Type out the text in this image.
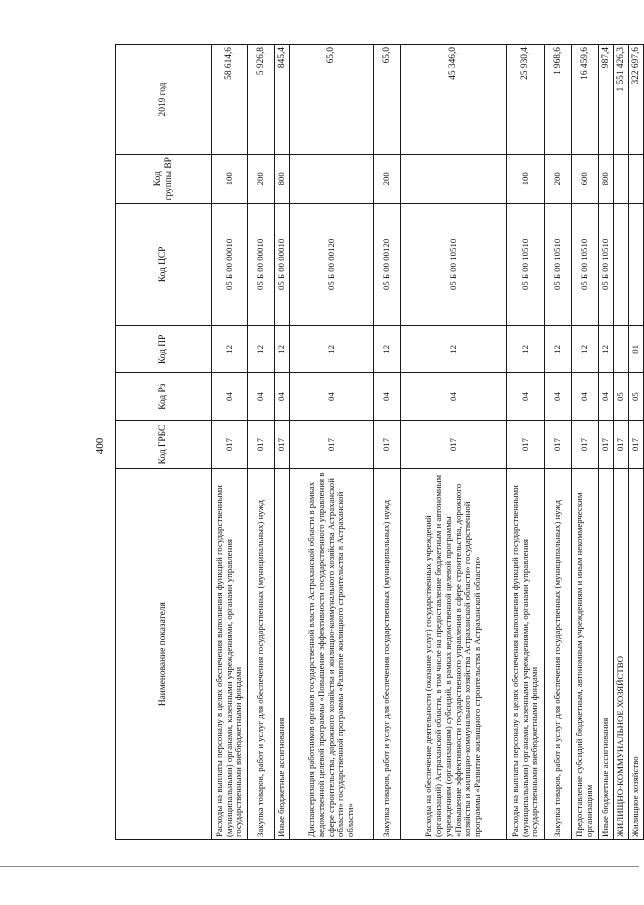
400
Наименование показателя	Код ГРБС	Код Рз	Код ПР	Код ЦСР	Код группы ВР	2019 год
Расходы на выплаты персоналу в целях обеспечения выполнения функций государственными (муниципальными) органами, казенными учреждениями, органами управления государственными внебюджетными фондами	017	04	12	05 Б 00 00010	100	58 614,6
Закупка товаров, работ и услуг для обеспечения государственных (муниципальных) нужд	017	04	12	05 Б 00 00010	200	5 926,8
Иные бюджетные ассигнования	017	04	12	05 Б 00 00010	800	845,4
Диспансеризация работников органов государственной власти Астраханской области в рамках ведомственной целевой программы «Повышение эффективности государственного управления в сфере строительства, дорожного хозяйства и жилищно-коммунального хозяйства Астраханской области» государственной программы «Развитие жилищного строительства в Астраханской области»	017	04	12	05 Б 00 00120		65,0
Закупка товаров, работ и услуг для обеспечения государственных (муниципальных) нужд	017	04	12	05 Б 00 00120	200	65,0
Расходы на обеспечение деятельности (оказание услуг) государственных учреждений (организаций) Астраханской области, в том числе на предоставление бюджетным и автономным учреждениям (организациям) субсидий, в рамках ведомственной целевой программы «Повышение эффективности государственного управления в сфере строительства, дорожного хозяйства и жилищно-коммунального хозяйства Астраханской области» государственной программы «Развитие жилищного строительства в Астраханской области»	017	04	12	05 Б 00 10510		45 346,0
Расходы на выплаты персоналу в целях обеспечения выполнения функций государственными (муниципальными) органами, казенными учреждениями, органами управления государственными внебюджетными фондами	017	04	12	05 Б 00 10510	100	25 930,4
Закупка товаров, работ и услуг для обеспечения государственных (муниципальных) нужд	017	04	12	05 Б 00 10510	200	1 968,6
Предоставление субсидий бюджетным, автономным учреждениям и иным некоммерческим организациям	017	04	12	05 Б 00 10510	600	16 459,6
Иные бюджетные ассигнования	017	04	12	05 Б 00 10510	800	987,4
ЖИЛИЩНО-КОММУНАЛЬНОЕ ХОЗЯЙСТВО	017	05				1 551 426,3
Жилищное хозяйство	017	05	01			322 697,6
